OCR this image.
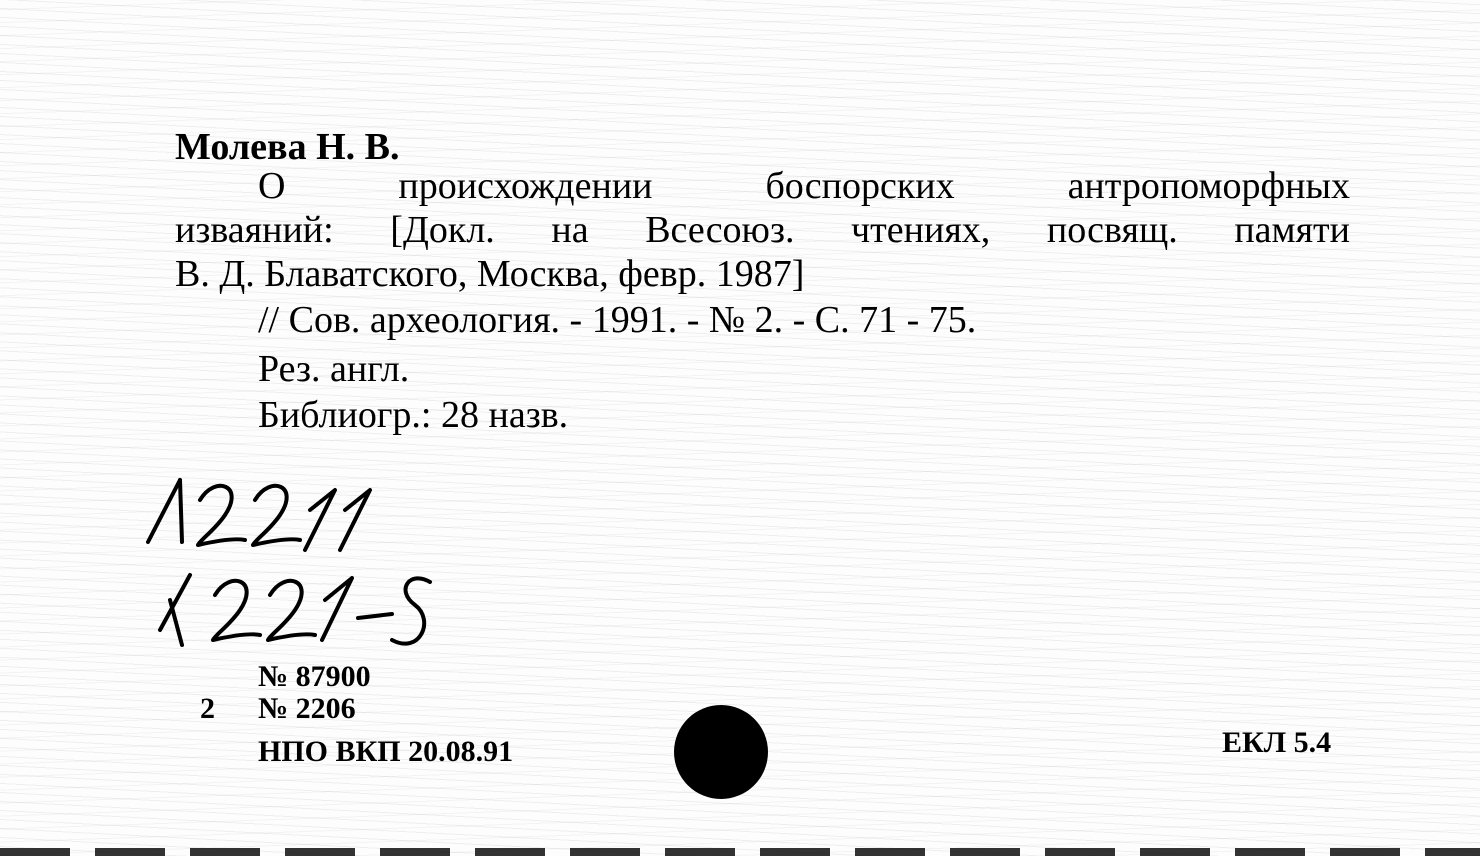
Молева Н. В.
О происхождении боспорских антропоморфных
изваяний: [Докл. на Всесоюз. чтениях, посвящ. памяти
В. Д. Блаватского, Москва, февр. 1987]
// Сов. археология. - 1991. - № 2. - С. 71 - 75.
Рез. англ.
Библиогр.: 28 назв.
№ 87900
2 № 2206
НПО ВКП 20.08.91	ЕКЛ 5.4
